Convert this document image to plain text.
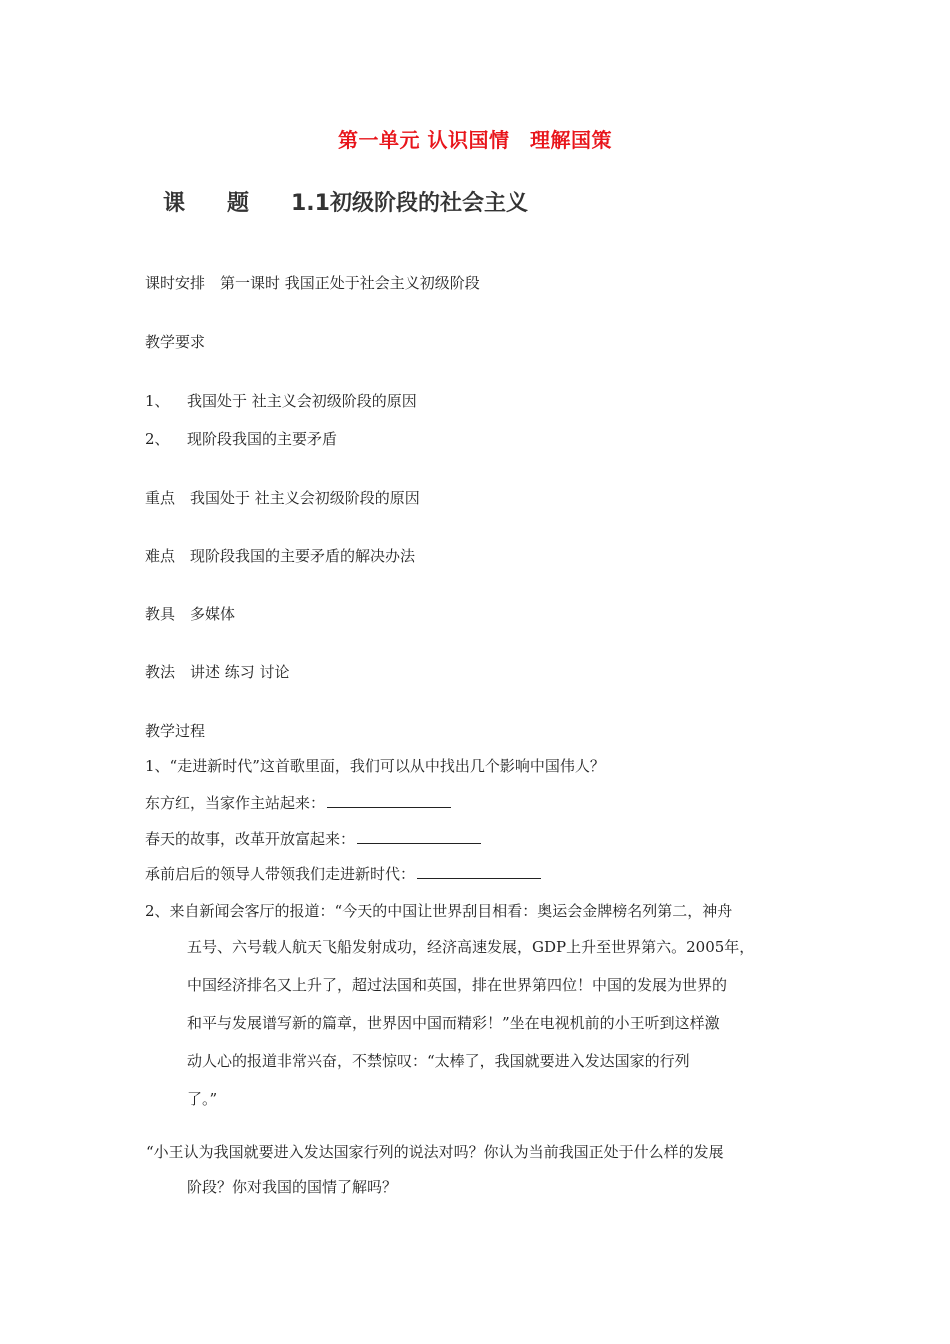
第一单元 认识国情　理解国策
课 题 1.1初级阶段的社会主义
课时安排　第一课时 我国正处于社会主义初级阶段
教学要求
1、 我国处于 社主义会初级阶段的原因
2、 现阶段我国的主要矛盾
重点　我国处于 社主义会初级阶段的原因
难点　现阶段我国的主要矛盾的解决办法
教具　多媒体
教法　讲述 练习 讨论
教学过程
1、“走进新时代”这首歌里面，我们可以从中找出几个影响中国伟人？
东方红，当家作主站起来：
春天的故事，改革开放富起来：
承前启后的领导人带领我们走进新时代：
2、来自新闻会客厅的报道：“今天的中国让世界刮目相看：奥运会金牌榜名列第二，神舟
五号、六号载人航天飞船发射成功，经济高速发展，GDP上升至世界第六。2005年，
中国经济排名又上升了，超过法国和英国，排在世界第四位！中国的发展为世界的
和平与发展谱写新的篇章，世界因中国而精彩！”坐在电视机前的小王听到这样激
动人心的报道非常兴奋，不禁惊叹：“太棒了，我国就要进入发达国家的行列
了。”
“小王认为我国就要进入发达国家行列的说法对吗？你认为当前我国正处于什么样的发展
阶段？你对我国的国情了解吗？
